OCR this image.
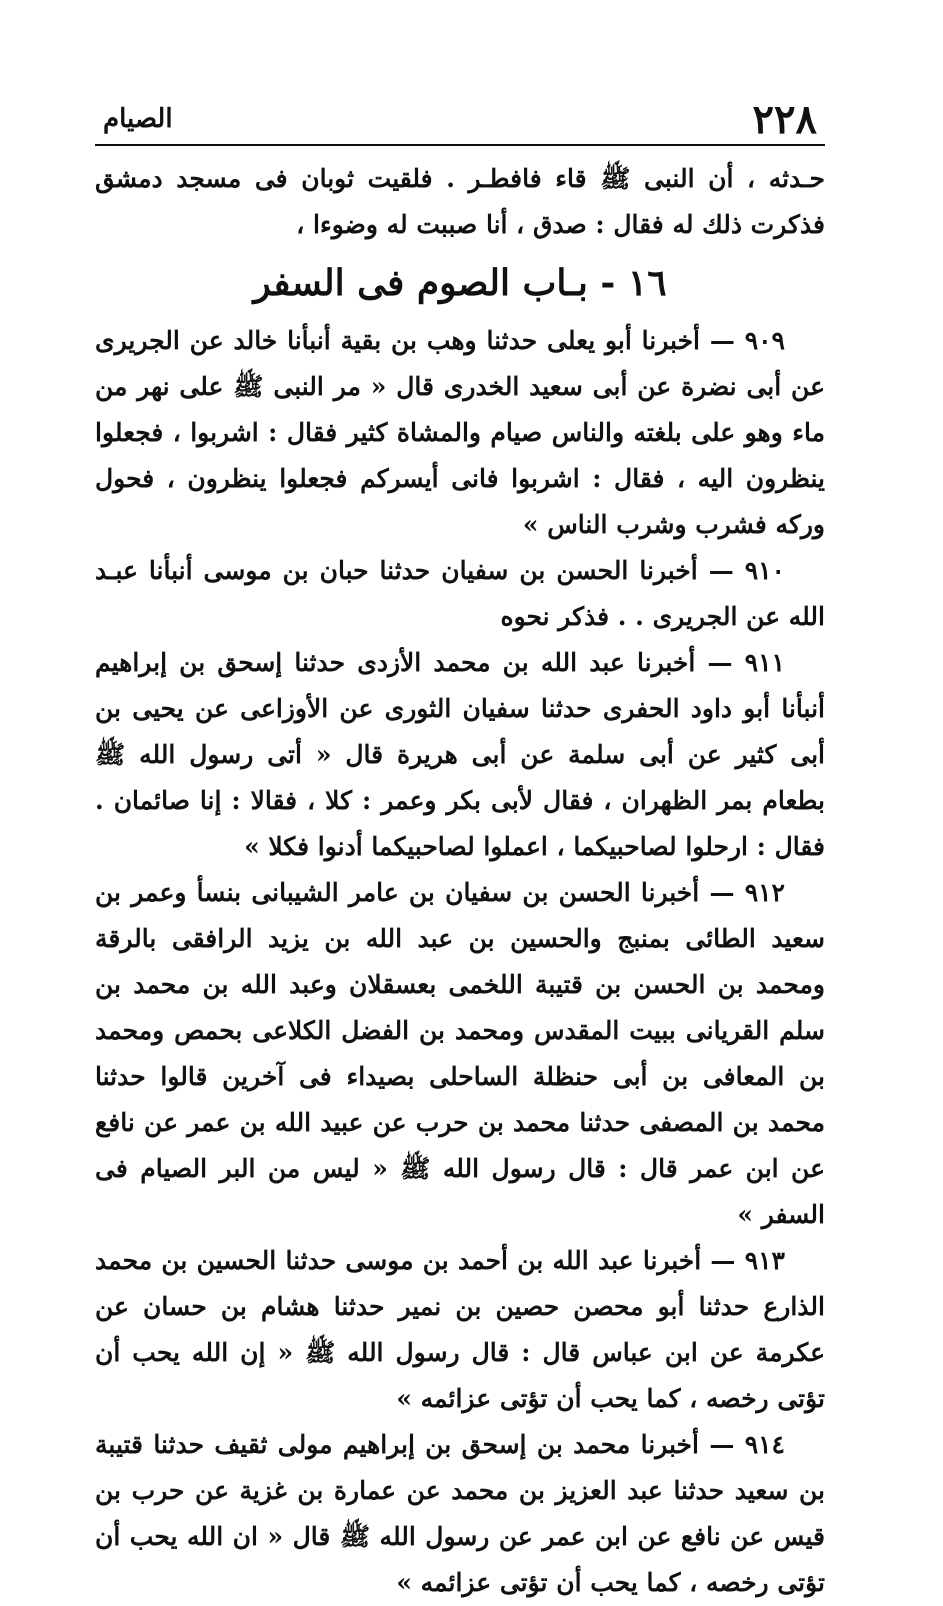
٢٢٨
الصيام

حـدثه ، أن النبى ﷺ قاء فافطـر . فلقيت ثوبان فى مسجد دمشق فذكرت ذلك له فقال : صدق ، أنا صببت له وضوءا ،

١٦ - بـاب الصوم فى السفر

٩٠٩ — أخبرنا أبو يعلى حدثنا وهب بن بقية أنبأنا خالد عن الجريرى عن أبى نضرة عن أبى سعيد الخدرى قال « مر النبى ﷺ على نهر من ماء وهو على بلغته والناس صيام والمشاة كثير فقال : اشربوا ، فجعلوا ينظرون اليه ، فقال : اشربوا فانى أيسركم فجعلوا ينظرون ، فحول وركه فشرب وشرب الناس »

٩١٠ — أخبرنا الحسن بن سفيان حدثنا حبان بن موسى أنبأنا عبـد الله عن الجريرى . . فذكر نحوه

٩١١ — أخبرنا عبد الله بن محمد الأزدى حدثنا إسحق بن إبراهيم أنبأنا أبو داود الحفرى حدثنا سفيان الثورى عن الأوزاعى عن يحيى بن أبى كثير عن أبى سلمة عن أبى هريرة قال « أتى رسول الله ﷺ بطعام بمر الظهران ، فقال لأبى بكر وعمر : كلا ، فقالا : إنا صائمان . فقال : ارحلوا لصاحبيكما ، اعملوا لصاحبيكما أدنوا فكلا »

٩١٢ — أخبرنا الحسن بن سفيان بن عامر الشيبانى بنسأ وعمر بن سعيد الطائى بمنبج والحسين بن عبد الله بن يزيد الرافقى بالرقة ومحمد بن الحسن بن قتيبة اللخمى بعسقلان وعبد الله بن محمد بن سلم القريانى ببيت المقدس ومحمد بن الفضل الكلاعى بحمص ومحمد بن المعافى بن أبى حنظلة الساحلى بصيداء فى آخرين قالوا حدثنا محمد بن المصفى حدثنا محمد بن حرب عن عبيد الله بن عمر عن نافع عن ابن عمر قال : قال رسول الله ﷺ « ليس من البر الصيام فى السفر »

٩١٣ — أخبرنا عبد الله بن أحمد بن موسى حدثنا الحسين بن محمد الذارع حدثنا أبو محصن حصين بن نمير حدثنا هشام بن حسان عن عكرمة عن ابن عباس قال : قال رسول الله ﷺ « إن الله يحب أن تؤتى رخصه ، كما يحب أن تؤتى عزائمه »

٩١٤ — أخبرنا محمد بن إسحق بن إبراهيم مولى ثقيف حدثنا قتيبة بن سعيد حدثنا عبد العزيز بن محمد عن عمارة بن غزية عن حرب بن قيس عن نافع عن ابن عمر عن رسول الله ﷺ قال « ان الله يحب أن تؤتى رخصه ، كما يحب أن تؤتى عزائمه »
